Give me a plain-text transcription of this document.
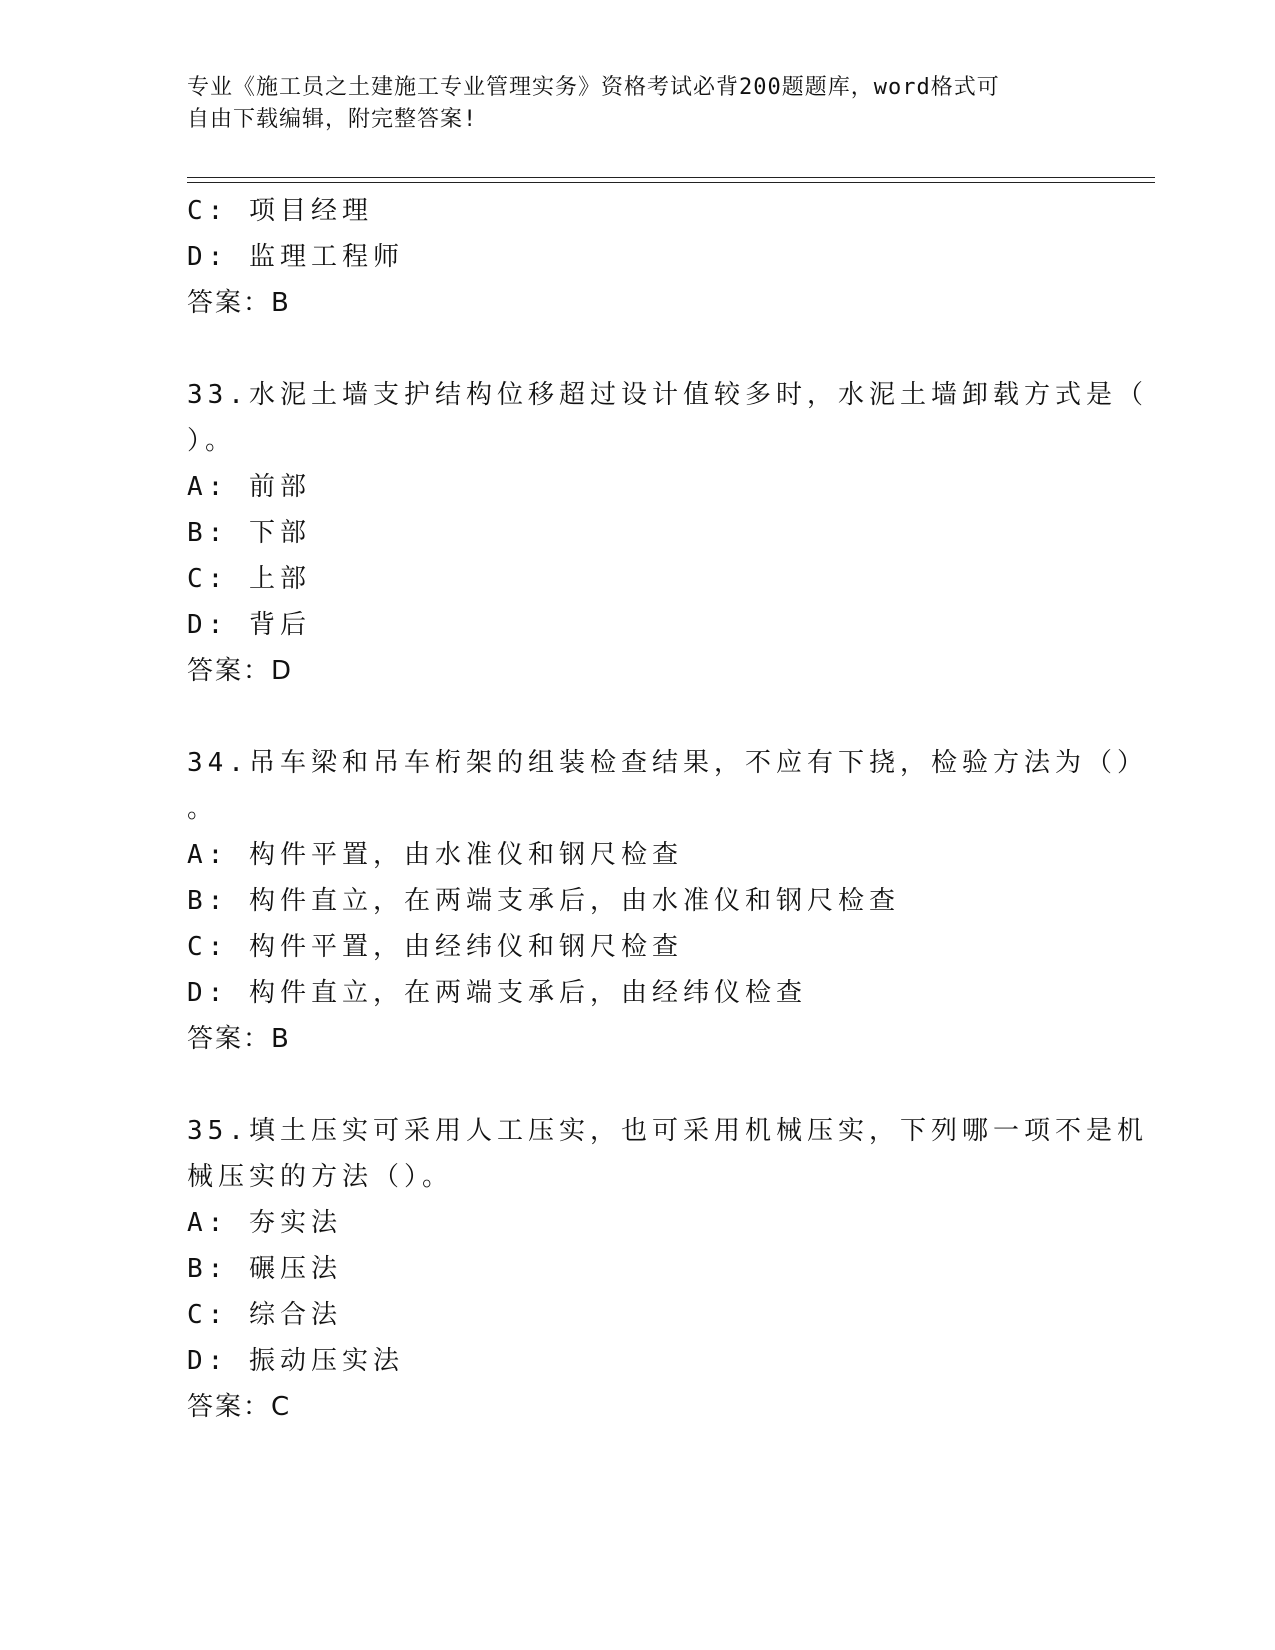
专业《施工员之土建施工专业管理实务》资格考试必背200题题库，word格式可
自由下载编辑，附完整答案!
C: 项目经理
D: 监理工程师
答案：B
33.水泥土墙支护结构位移超过设计值较多时，水泥土墙卸载方式是（
）。
A: 前部
B: 下部
C: 上部
D: 背后
答案：D
34.吊车梁和吊车桁架的组装检查结果，不应有下挠，检验方法为（）
。
A: 构件平置，由水准仪和钢尺检查
B: 构件直立，在两端支承后，由水准仪和钢尺检查
C: 构件平置，由经纬仪和钢尺检查
D: 构件直立，在两端支承后，由经纬仪检查
答案：B
35.填土压实可采用人工压实，也可采用机械压实，下列哪一项不是机
械压实的方法（）。
A: 夯实法
B: 碾压法
C: 综合法
D: 振动压实法
答案：C
